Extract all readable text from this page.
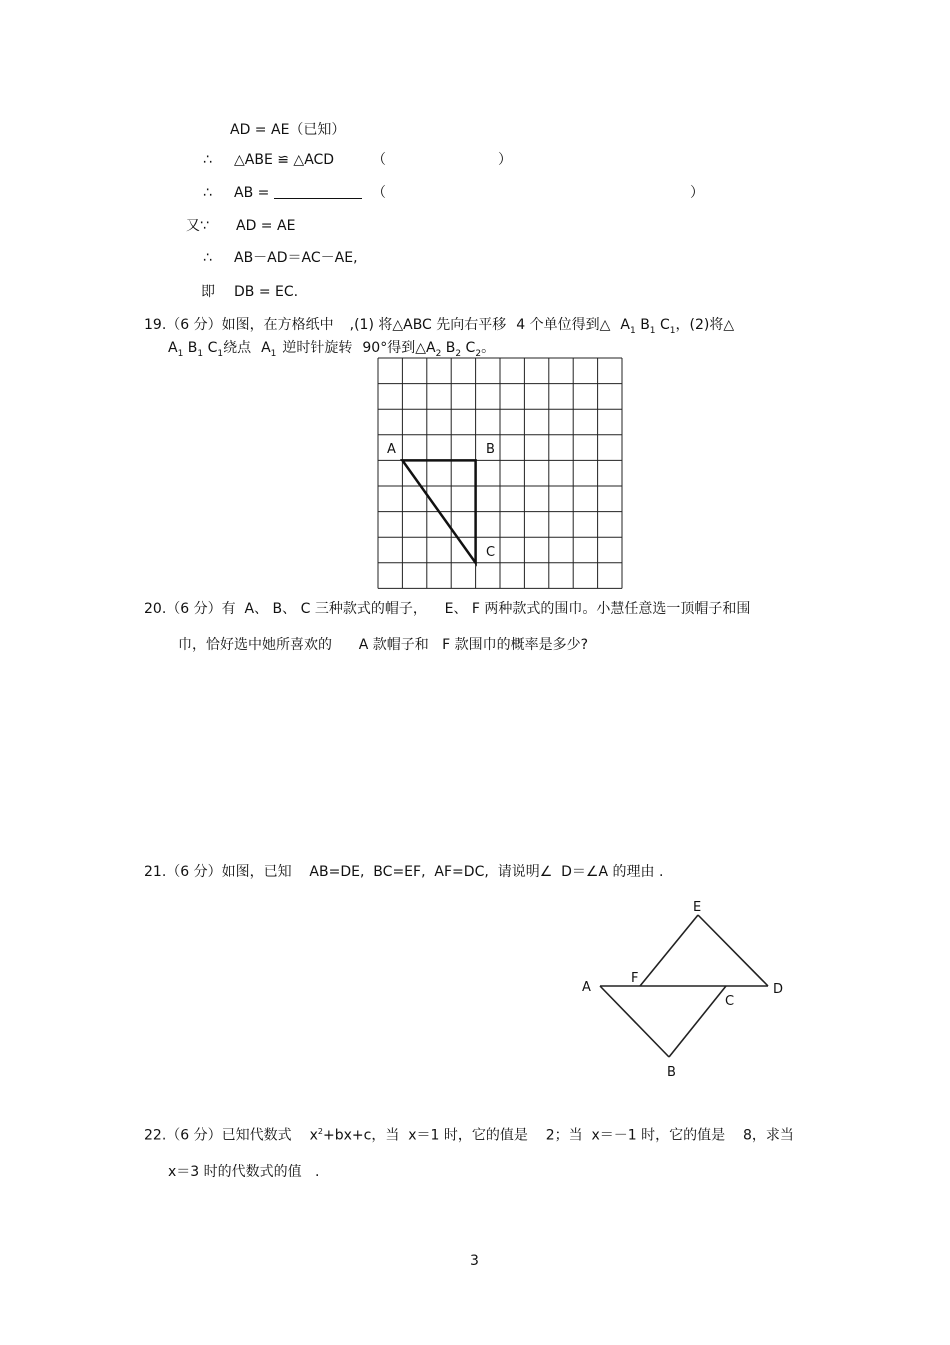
AD = AE（已知）
∴ △ABE ≌ △ACD	（	）
∴ AB =	（	）
又∵ AD = AE
∴ AB－AD＝AC－AE,
即 DB = EC.
19.（6 分）如图，在方格纸中 ,(1) 将△ABC 先向右平移 4 个单位得到△ $A_1$ $B_1$ $C_1$，(2)将△
$A_1$ $B_1$ $C_1$绕点 $A_1$ 逆时针旋转 90°得到$\triangle A_2$ $B_2$ $C_2$。
A	B
C
20.（6 分）有  A、 B、 C 三种款式的帽子，    E、 F 两种款式的围巾。小慧任意选一顶帽子和围
巾，恰好选中她所喜欢的      A 款帽子和   F 款围巾的概率是多少?
21.（6 分）如图，已知    AB=DE,  BC=EF,  AF=DC,  请说明∠  D＝∠A 的理由 .
E
F
A	D
C
B
22.（6 分）已知代数式 $x^2+bx+c$，当  x＝1 时，它的值是    2；当  x＝－1 时，它的值是    8，求当
x＝3 时的代数式的值   .
3
